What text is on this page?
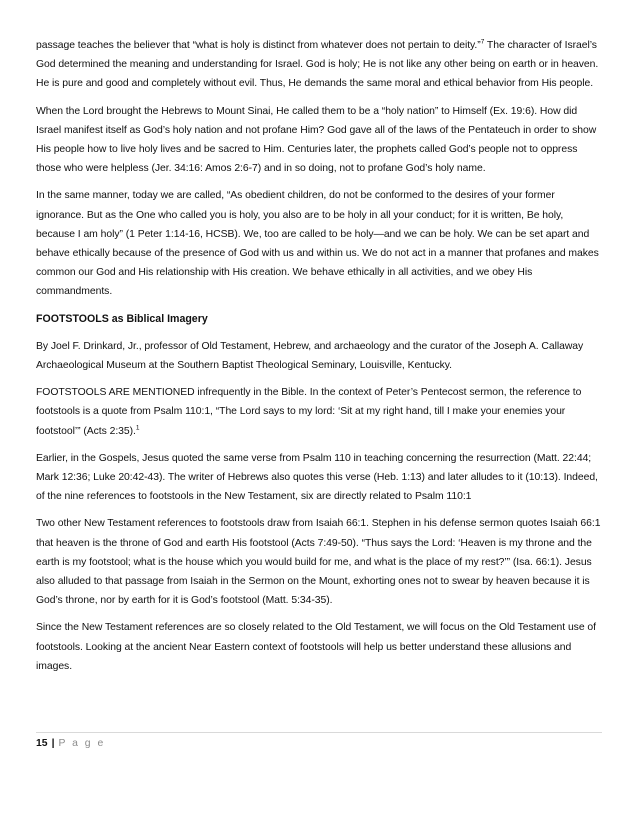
passage teaches the believer that “what is holy is distinct from whatever does not pertain to deity.”$^7$ The character of Israel’s God determined the meaning and understanding for Israel. God is holy; He is not like any other being on earth or in heaven. He is pure and good and completely without evil. Thus, He demands the same moral and ethical behavior from His people.

When the Lord brought the Hebrews to Mount Sinai, He called them to be a “holy nation” to Himself (Ex. 19:6). How did Israel manifest itself as God’s holy nation and not profane Him? God gave all of the laws of the Pentateuch in order to show His people how to live holy lives and be sacred to Him. Centuries later, the prophets called God’s people not to oppress those who were helpless (Jer. 34:16: Amos 2:6-7) and in so doing, not to profane God’s holy name.

In the same manner, today we are called, “As obedient children, do not be conformed to the desires of your former ignorance. But as the One who called you is holy, you also are to be holy in all your conduct; for it is written, Be holy, because I am holy” (1 Peter 1:14-16, HCSB). We, too are called to be holy—and we can be holy. We can be set apart and behave ethically because of the presence of God with us and within us. We do not act in a manner that profanes and makes common our God and His relationship with His creation. We behave ethically in all activities, and we obey His commandments.

FOOTSTOOLS as Biblical Imagery

By Joel F. Drinkard, Jr., professor of Old Testament, Hebrew, and archaeology and the curator of the Joseph A. Callaway Archaeological Museum at the Southern Baptist Theological Seminary, Louisville, Kentucky.

FOOTSTOOLS ARE MENTIONED infrequently in the Bible. In the context of Peter’s Pentecost sermon, the reference to footstools is a quote from Psalm 110:1, “The Lord says to my lord: ‘Sit at my right hand, till I make your enemies your footstool’” (Acts 2:35).$^1$

Earlier, in the Gospels, Jesus quoted the same verse from Psalm 110 in teaching concerning the resurrection (Matt. 22:44; Mark 12:36; Luke 20:42-43). The writer of Hebrews also quotes this verse (Heb. 1:13) and later alludes to it (10:13). Indeed, of the nine references to footstools in the New Testament, six are directly related to Psalm 110:1

Two other New Testament references to footstools draw from Isaiah 66:1. Stephen in his defense sermon quotes Isaiah 66:1 that heaven is the throne of God and earth His footstool (Acts 7:49-50). “Thus says the Lord: ‘Heaven is my throne and the earth is my footstool; what is the house which you would build for me, and what is the place of my rest?’” (Isa. 66:1). Jesus also alluded to that passage from Isaiah in the Sermon on the Mount, exhorting ones not to swear by heaven because it is God’s throne, nor by earth for it is God’s footstool (Matt. 5:34-35).

Since the New Testament references are so closely related to the Old Testament, we will focus on the Old Testament use of footstools. Looking at the ancient Near Eastern context of footstools will help us better understand these allusions and images.

15 | P a g e
